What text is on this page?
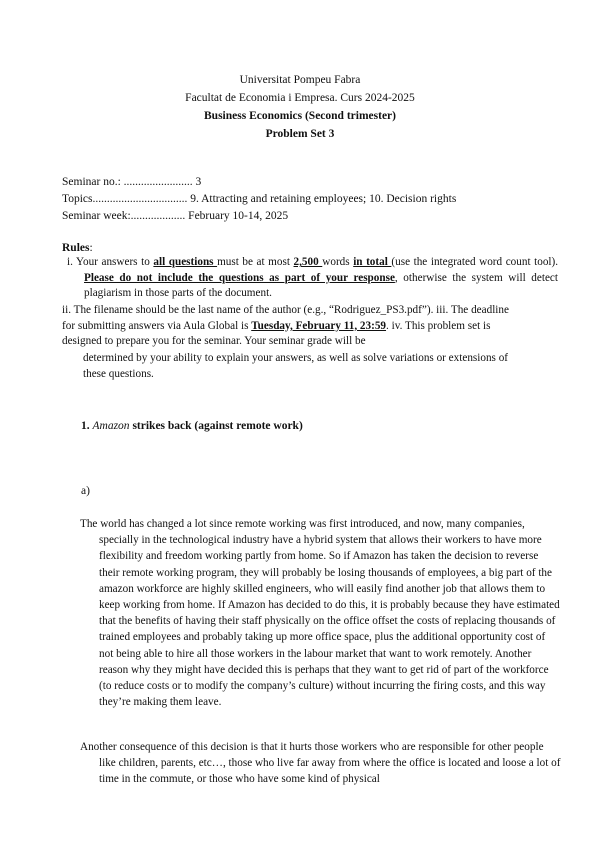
Universitat Pompeu Fabra
Facultat de Economia i Empresa. Curs 2024-2025
Business Economics (Second trimester)
Problem Set 3
Seminar no.: ........................ 3
Topics................................. 9. Attracting and retaining employees; 10. Decision rights
Seminar week:................... February 10-14, 2025
Rules:
i. Your answers to all questions must be at most 2,500 words in total (use the integrated word count tool). Please do not include the questions as part of your response, otherwise the system will detect plagiarism in those parts of the document.
ii. The filename should be the last name of the author (e.g., “Rodriguez_PS3.pdf”). iii. The deadline for submitting answers via Aula Global is Tuesday, February 11, 23:59. iv. This problem set is designed to prepare you for the seminar. Your seminar grade will be
determined by your ability to explain your answers, as well as solve variations or extensions of these questions.
1. Amazon strikes back (against remote work)
a)
The world has changed a lot since remote working was first introduced, and now, many companies, specially in the technological industry have a hybrid system that allows their workers to have more flexibility and freedom working partly from home. So if Amazon has taken the decision to reverse their remote working program, they will probably be losing thousands of employees, a big part of the amazon workforce are highly skilled engineers, who will easily find another job that allows them to keep working from home. If Amazon has decided to do this, it is probably because they have estimated that the benefits of having their staff physically on the office offset the costs of replacing thousands of trained employees and probably taking up more office space, plus the additional opportunity cost of not being able to hire all those workers in the labour market that want to work remotely. Another reason why they might have decided this is perhaps that they want to get rid of part of the workforce (to reduce costs or to modify the company’s culture) without incurring the firing costs, and this way they’re making them leave.
Another consequence of this decision is that it hurts those workers who are responsible for other people like children, parents, etc…, those who live far away from where the office is located and loose a lot of time in the commute, or those who have some kind of physical
